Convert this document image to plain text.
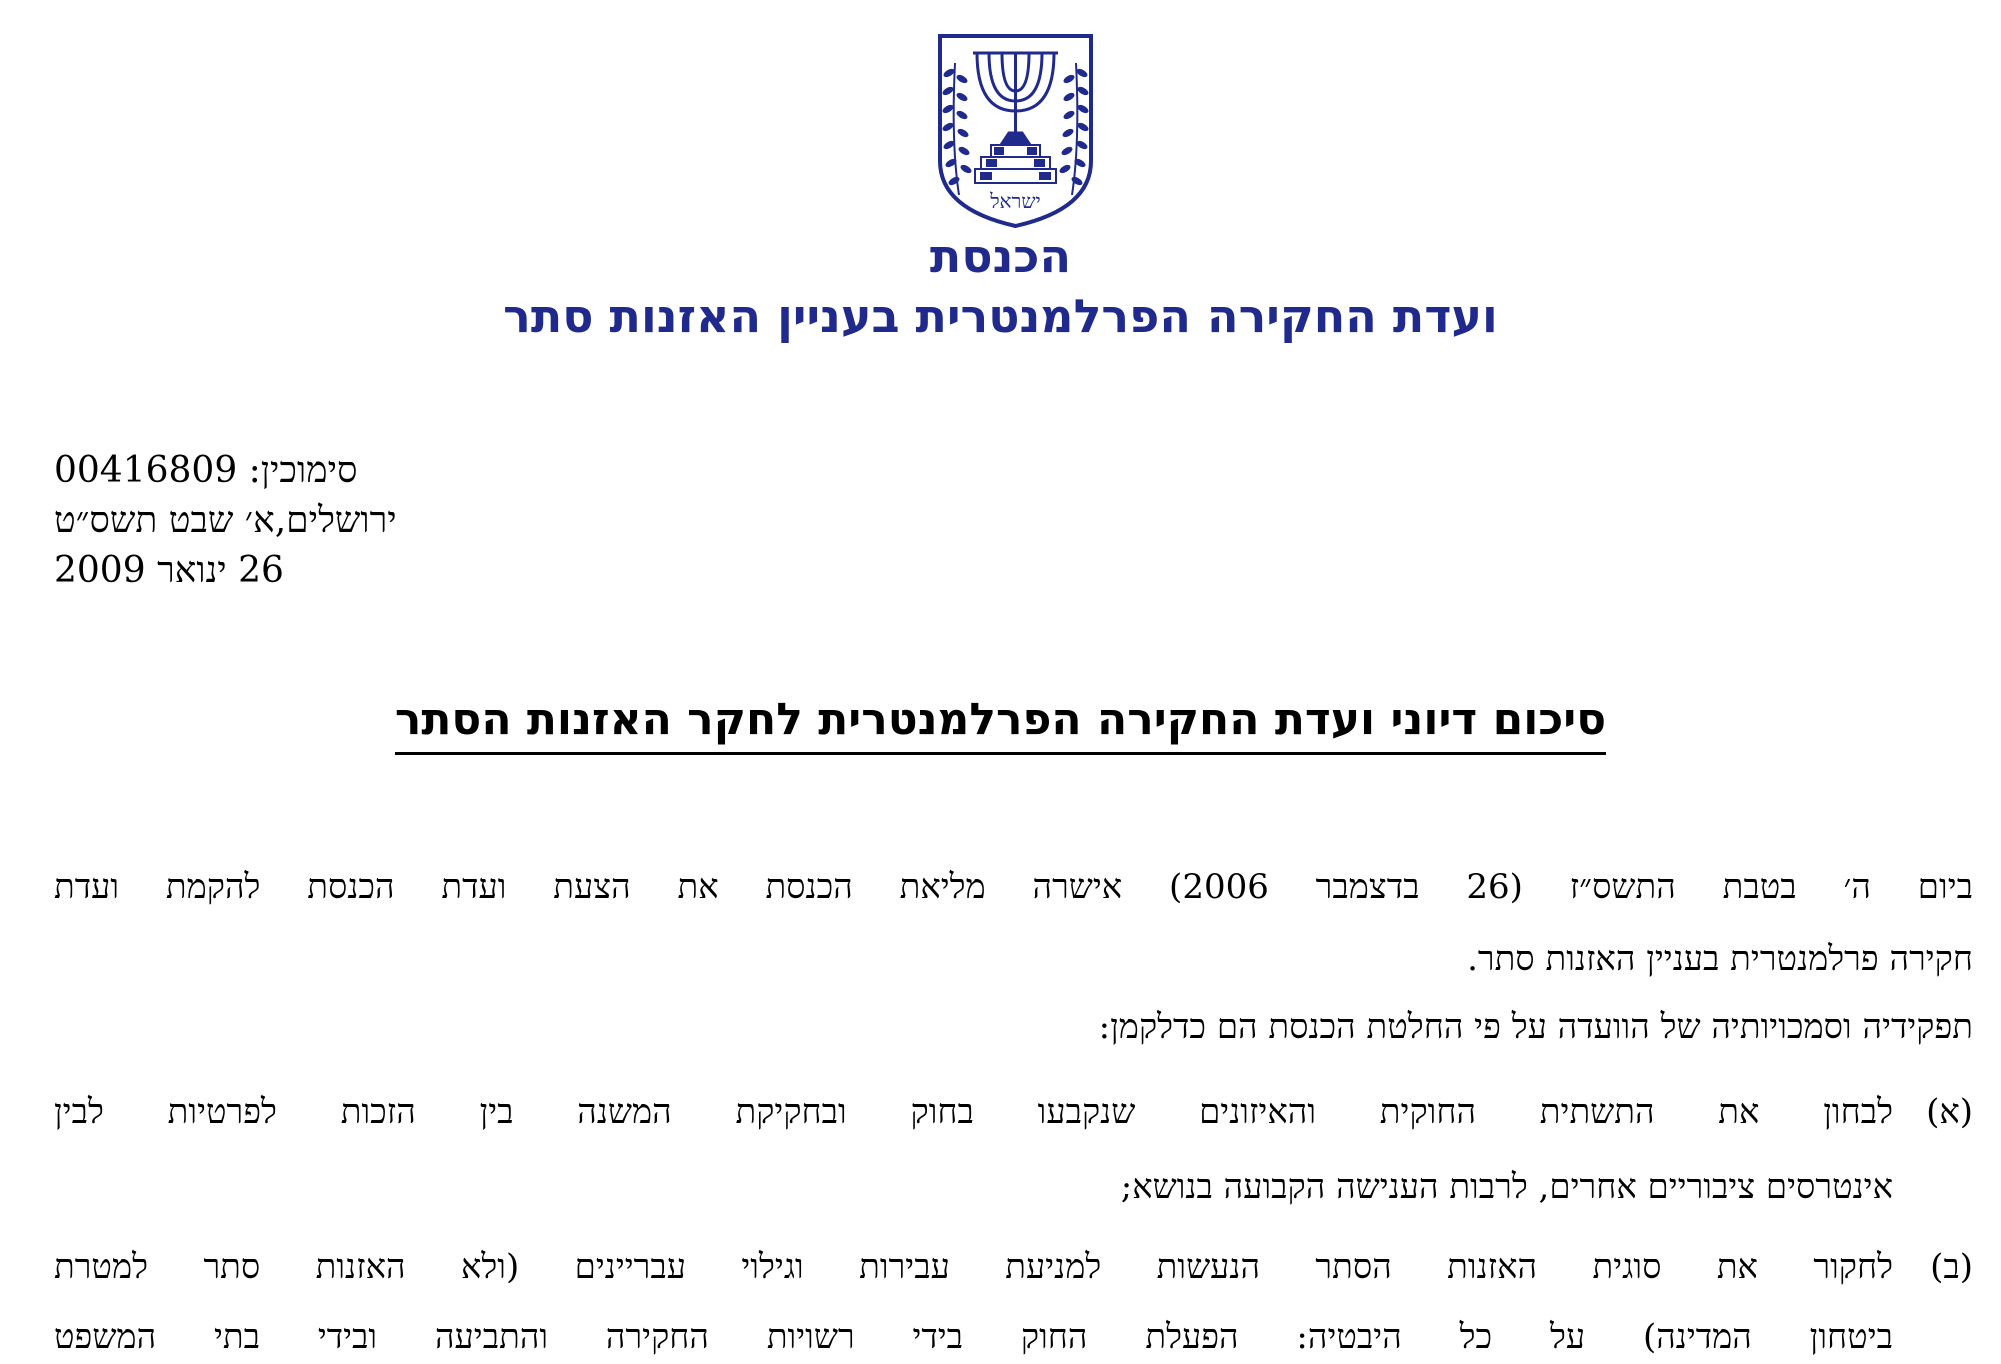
ישראל
הכנסת
ועדת החקירה הפרלמנטרית בעניין האזנות סתר
סימוכין: 00416809
ירושלים,א׳ שבט תשס״ט
26 ינואר 2009
סיכום דיוני ועדת החקירה הפרלמנטרית לחקר האזנות הסתר
ביום ה׳ בטבת התשס״ז (26 בדצמבר 2006) אישרה מליאת הכנסת את הצעת ועדת הכנסת להקמת ועדת
חקירה פרלמנטרית בעניין האזנות סתר.
תפקידיה וסמכויותיה של הוועדה על פי החלטת הכנסת הם כדלקמן:
(א)
לבחון את התשתית החוקית והאיזונים שנקבעו בחוק ובחקיקת המשנה בין הזכות לפרטיות לבין
אינטרסים ציבוריים אחרים, לרבות הענישה הקבועה בנושא;
(ב)
לחקור את סוגית האזנות הסתר הנעשות למניעת עבירות וגילוי עבריינים (ולא האזנות סתר למטרת
ביטחון המדינה) על כל היבטיה: הפעלת החוק בידי רשויות החקירה והתביעה ובידי בתי המשפט
